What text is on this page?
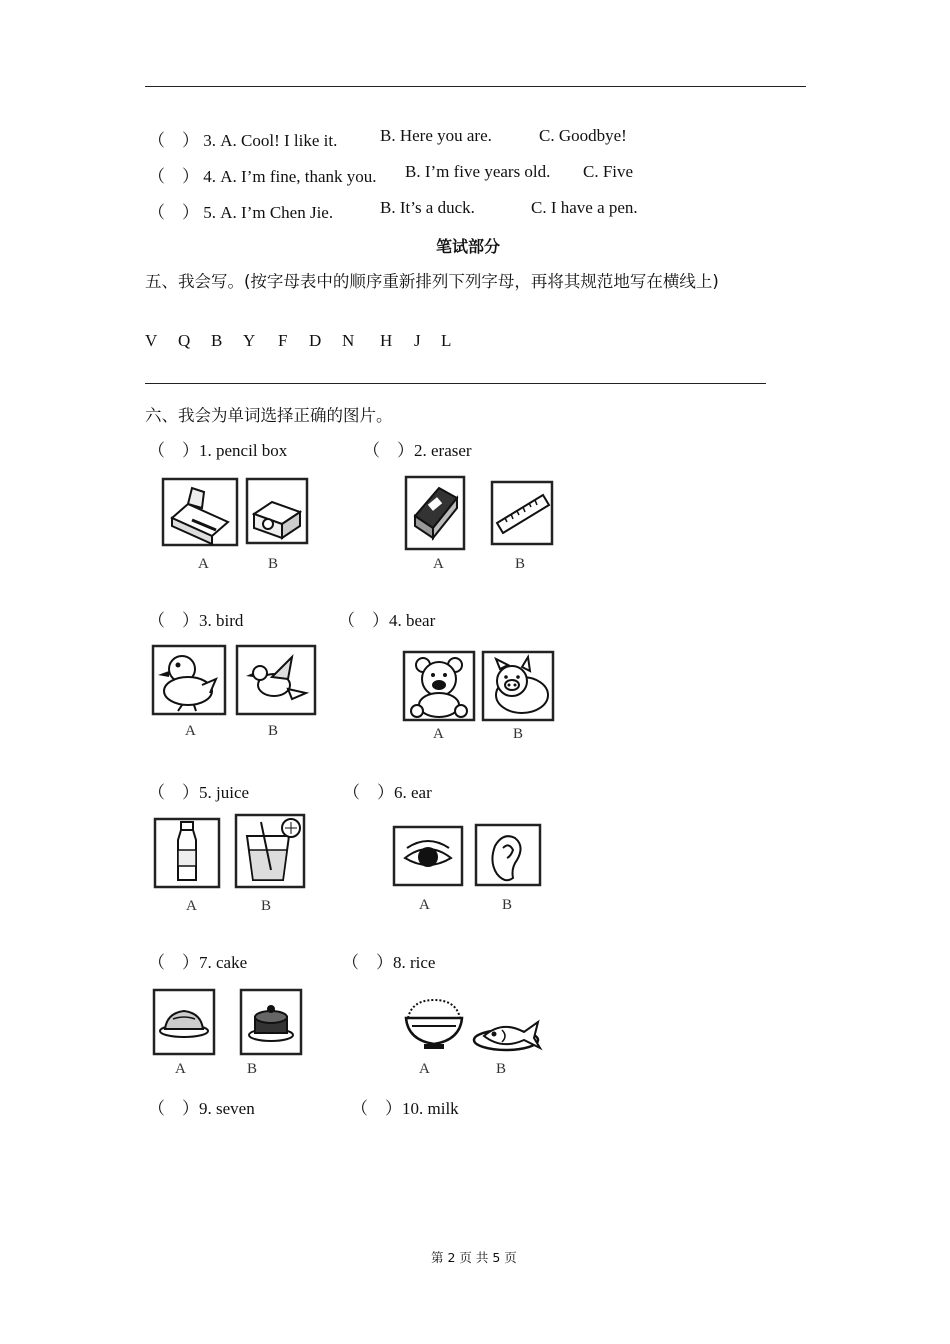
（　） 3. A. Cool! I like it.	B. Here you are.	C. Goodbye!
（　） 4. A. I’m fine, thank you. B. I’m five years old. C. Five
（　） 5. A. I’m Chen Jie.	B. It’s a duck.	C. I have a pen.
笔试部分
五、我会写。(按字母表中的顺序重新排列下列字母，再将其规范地写在横线上)
V Q B Y F D N H J L
六、我会为单词选择正确的图片。
（　）1. pencil box	（　）2. eraser
A	B	A	B
（　）3. bird	（　）4. bear
A	B	A	B
（　）5. juice	（　）6. ear
A	B	A	B
（　）7. cake	（　）8. rice
A	B	A	B
（　）9. seven	（　）10. milk
第 2 页 共 5 页
